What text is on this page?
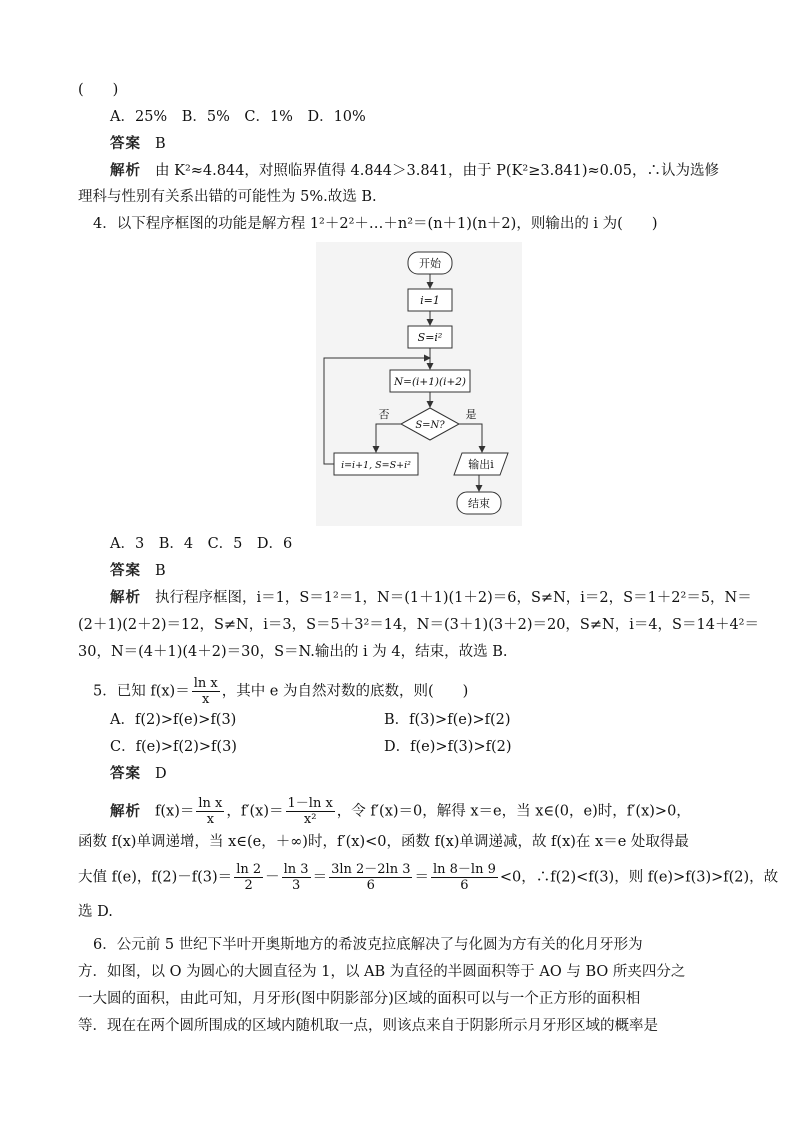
(　　)
A．25%　B．5%　C．1%　D．10%
答案 B
解析 由 K²≈4.844，对照临界值得 4.844＞3.841，由于 P(K²≥3.841)≈0.05，∴认为选修
理科与性别有关系出错的可能性为 5%.故选 B.
4．以下程序框图的功能是解方程 1²＋2²＋…＋n²＝(n＋1)(n＋2)，则输出的 i 为(　　)
开始
i=1
S=i²
N=(i+1)(i+2)
S=N?
否	是
i=i+1, S=S+i²	输出i
结束
A．3　B．4　C．5　D．6
答案 B
解析 执行程序框图，i＝1，S＝1²＝1，N＝(1＋1)(1＋2)＝6，S≠N，i＝2，S＝1＋2²＝5，N＝
(2＋1)(2＋2)＝12，S≠N，i＝3，S＝5＋3²＝14，N＝(3＋1)(3＋2)＝20，S≠N，i＝4，S＝14＋4²＝
30，N＝(4＋1)(4＋2)＝30，S＝N.输出的 i 为 4，结束，故选 B.
5．已知 $f(x)= \frac{\text{ln x}}{x}$ ，其中 e 为自然对数的底数，则(　　)
A．f(2)>f(e)>f(3)	B．f(3)>f(e)>f(2)
C．f(e)>f(2)>f(3)	D．f(e)>f(3)>f(2)
答案 D
解析 $f(x)= \frac{\text{ln x}}{x}$ ，$f'(x)= \frac{\text{1－ln x}}{\text{x²}}$ ，令 f′(x)＝0，解得 x＝e，当 x∈(0，e)时，f′(x)>0，
函数 f(x)单调递增，当 x∈(e，＋∞)时，f′(x)<0，函数 f(x)单调递减，故 f(x)在 x＝e 处取得最
大值 f(e)，$f(2)-f(3)= \frac{\ln 2}{2} - \frac{\ln 3}{3} = \frac{3\ln 2-2\ln 3}{6} = \frac{\ln 8-\ln 9}{6} <0$，∴f(2)<f(3)，则 f(e)>f(3)>f(2)，故
选 D.
6．公元前 5 世纪下半叶开奥斯地方的希波克拉底解决了与化圆为方有关的化月牙形为
方．如图，以 O 为圆心的大圆直径为 1，以 AB 为直径的半圆面积等于 AO 与 BO 所夹四分之
一大圆的面积，由此可知，月牙形(图中阴影部分)区域的面积可以与一个正方形的面积相
等．现在在两个圆所围成的区域内随机取一点，则该点来自于阴影所示月牙形区域的概率是
